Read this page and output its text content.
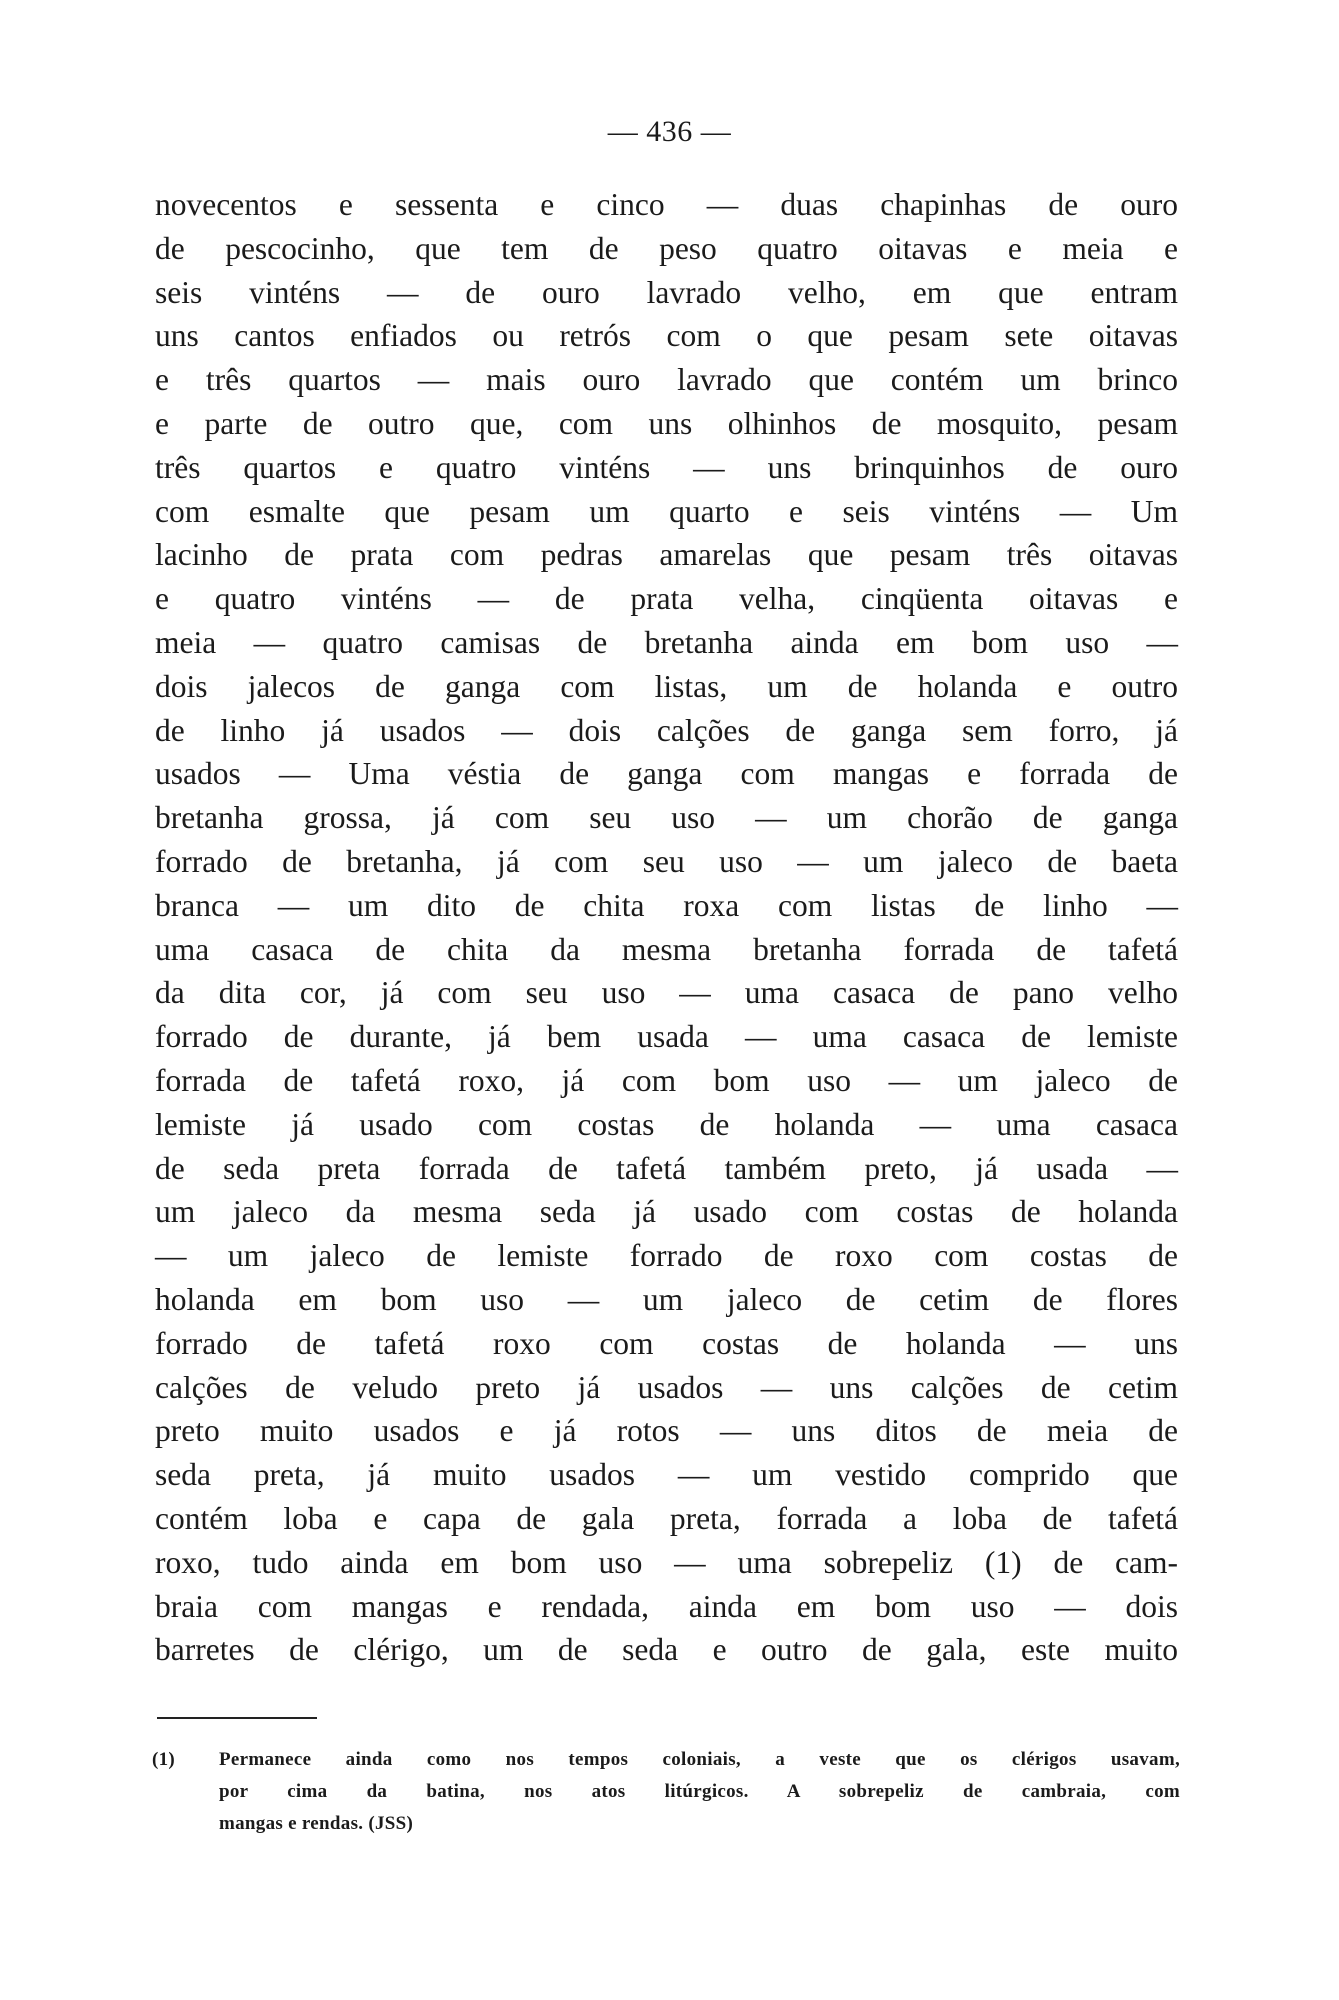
— 436 —
novecentos e sessenta e cinco — duas chapinhas de ouro
de pescocinho, que tem de peso quatro oitavas e meia e
seis vinténs — de ouro lavrado velho, em que entram
uns cantos enfiados ou retrós com o que pesam sete oitavas
e três quartos — mais ouro lavrado que contém um brinco
e parte de outro que, com uns olhinhos de mosquito, pesam
três quartos e quatro vinténs — uns brinquinhos de ouro
com esmalte que pesam um quarto e seis vinténs — Um
lacinho de prata com pedras amarelas que pesam três oitavas
e quatro vinténs — de prata velha, cinqüenta oitavas e
meia — quatro camisas de bretanha ainda em bom uso —
dois jalecos de ganga com listas, um de holanda e outro
de linho já usados — dois calções de ganga sem forro, já
usados — Uma véstia de ganga com mangas e forrada de
bretanha grossa, já com seu uso — um chorão de ganga
forrado de bretanha, já com seu uso — um jaleco de baeta
branca — um dito de chita roxa com listas de linho —
uma casaca de chita da mesma bretanha forrada de tafetá
da dita cor, já com seu uso — uma casaca de pano velho
forrado de durante, já bem usada — uma casaca de lemiste
forrada de tafetá roxo, já com bom uso — um jaleco de
lemiste já usado com costas de holanda — uma casaca
de seda preta forrada de tafetá também preto, já usada —
um jaleco da mesma seda já usado com costas de holanda
— um jaleco de lemiste forrado de roxo com costas de
holanda em bom uso — um jaleco de cetim de flores
forrado de tafetá roxo com costas de holanda — uns
calções de veludo preto já usados — uns calções de cetim
preto muito usados e já rotos — uns ditos de meia de
seda preta, já muito usados — um vestido comprido que
contém loba e capa de gala preta, forrada a loba de tafetá
roxo, tudo ainda em bom uso — uma sobrepeliz (1) de cam-
braia com mangas e rendada, ainda em bom uso — dois
barretes de clérigo, um de seda e outro de gala, este muito
(1)	Permanece ainda como nos tempos coloniais, a veste que os clérigos usavam,
por cima da batina, nos atos litúrgicos. A sobrepeliz de cambraia, com
mangas e rendas. (JSS)
